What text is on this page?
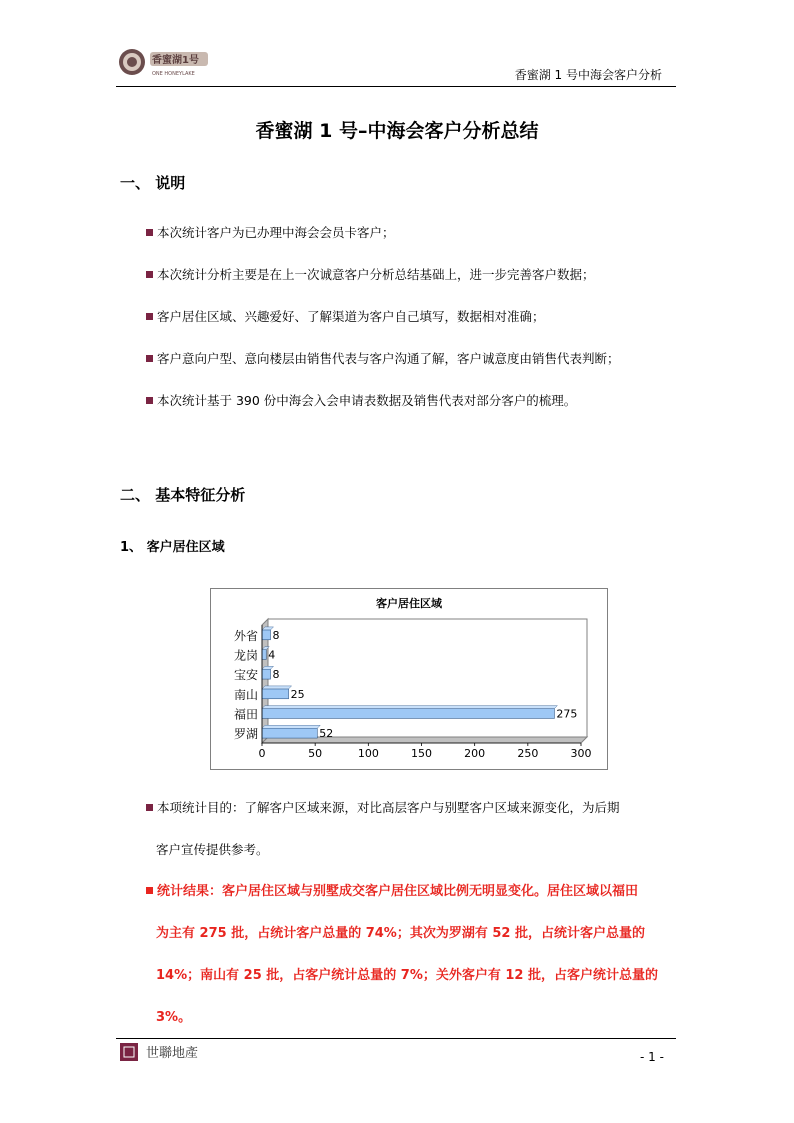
香蜜湖1号
ONE HONEYLAKE	香蜜湖 1 号中海会客户分析
香蜜湖 1 号–中海会客户分析总结
一、 说明
本次统计客户为已办理中海会会员卡客户；
本次统计分析主要是在上一次诚意客户分析总结基础上，进一步完善客户数据；
客户居住区域、兴趣爱好、了解渠道为客户自己填写，数据相对准确；
客户意向户型、意向楼层由销售代表与客户沟通了解，客户诚意度由销售代表判断；
本次统计基于 390 份中海会入会申请表数据及销售代表对部分客户的梳理。
二、 基本特征分析
1、 客户居住区域
客户居住区域
外省 8
龙岗 4
宝安 8
南山	25
福田	275
罗湖	52
0	50	100	150	200	250	300
本项统计目的：了解客户区域来源，对比高层客户与别墅客户区域来源变化，为后期
客户宣传提供参考。
统计结果：客户居住区域与别墅成交客户居住区域比例无明显变化。居住区域以福田
为主有 275 批，占统计客户总量的 74%；其次为罗湖有 52 批，占统计客户总量的
14%；南山有 25 批，占客户统计总量的 7%；关外客户有 12 批，占客户统计总量的
3%。
世聯地產	- 1 -
